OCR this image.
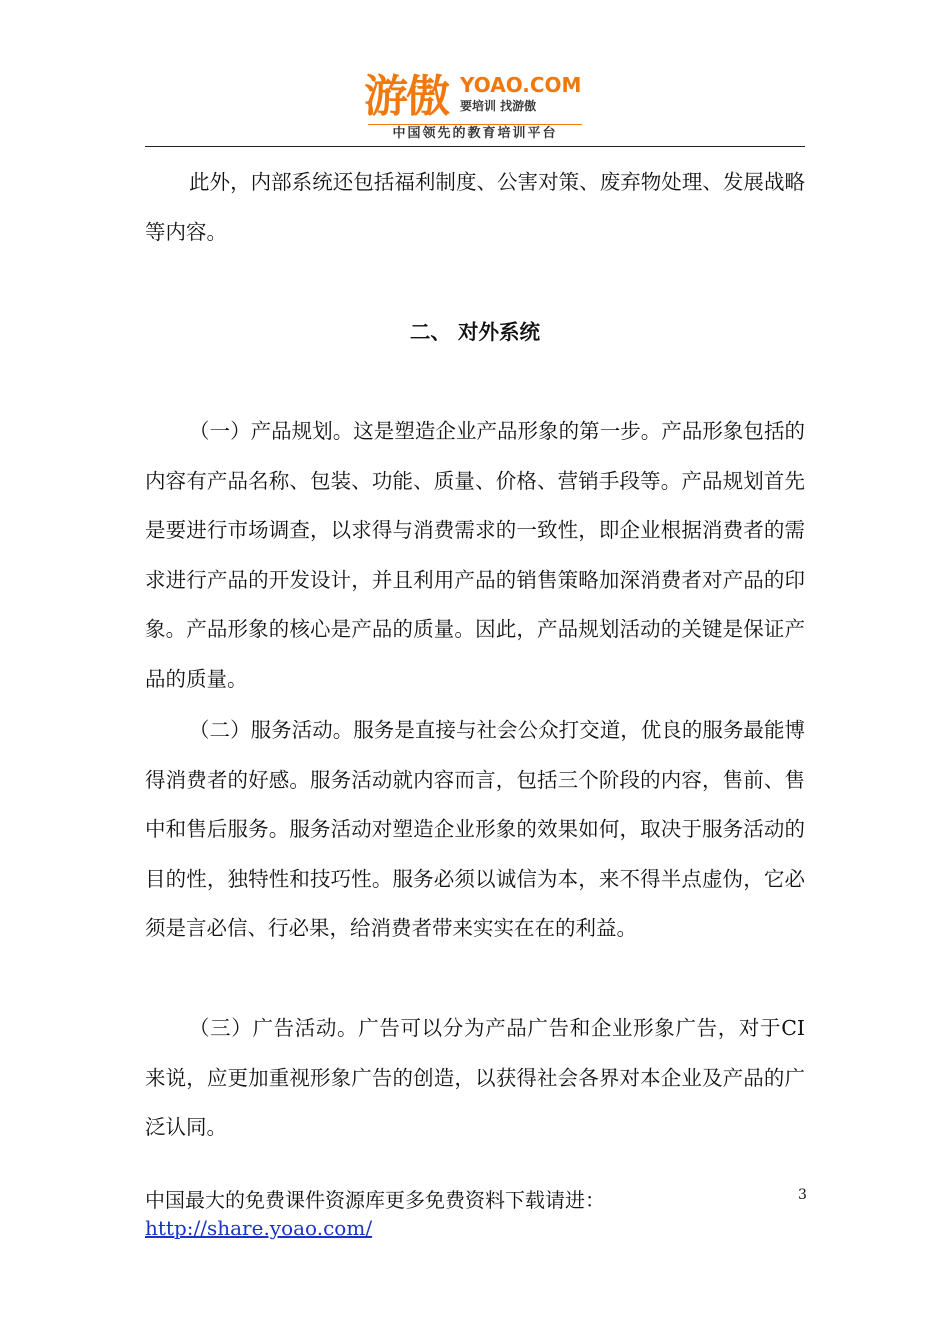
游傲 YOAO.COM
要培训 找游傲
中国领先的教育培训平台

此外，内部系统还包括福利制度、公害对策、废弃物处理、发展战略等内容。

二、 对外系统

（一）产品规划。这是塑造企业产品形象的第一步。产品形象包括的内容有产品名称、包装、功能、质量、价格、营销手段等。产品规划首先是要进行市场调查，以求得与消费需求的一致性，即企业根据消费者的需求进行产品的开发设计，并且利用产品的销售策略加深消费者对产品的印象。产品形象的核心是产品的质量。因此，产品规划活动的关键是保证产品的质量。

（二）服务活动。服务是直接与社会公众打交道，优良的服务最能博得消费者的好感。服务活动就内容而言，包括三个阶段的内容，售前、售中和售后服务。服务活动对塑造企业形象的效果如何，取决于服务活动的目的性，独特性和技巧性。服务必须以诚信为本，来不得半点虚伪，它必须是言必信、行必果，给消费者带来实实在在的利益。

（三）广告活动。广告可以分为产品广告和企业形象广告，对于CI来说，应更加重视形象广告的创造，以获得社会各界对本企业及产品的广泛认同。

中国最大的免费课件资源库更多免费资料下载请进：http://share.yoao.com/
3
